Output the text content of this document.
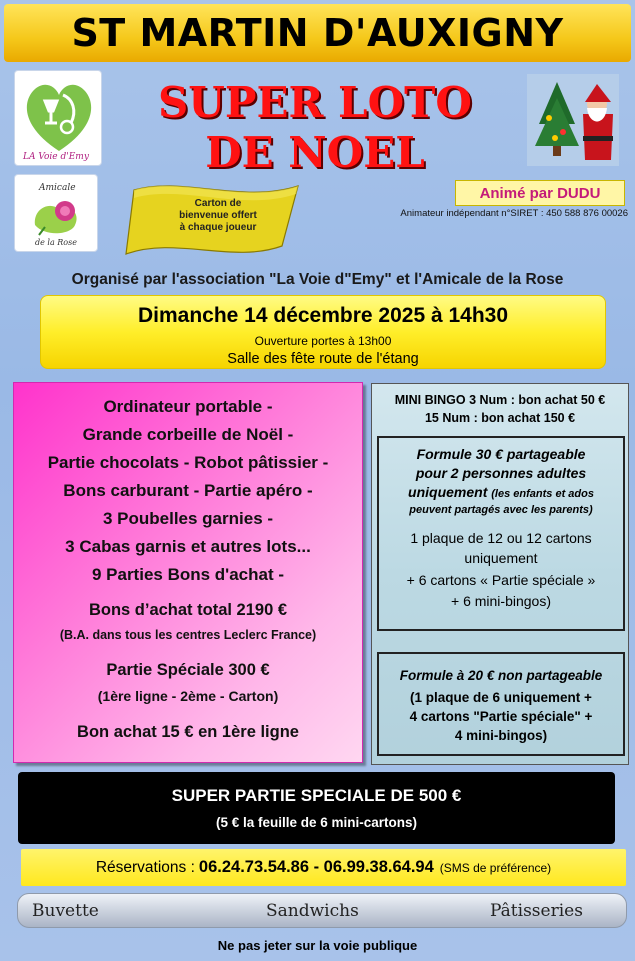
ST MARTIN D'AUXIGNY
LA Voie d'Emy
Amicale
de la Rose
SUPER LOTO
DE NOEL
Carton de
bienvenue offert
à chaque joueur
Animé par DUDU
Animateur indépendant n°SIRET : 450 588 876 00026
Organisé par l'association "La Voie d"Emy" et l'Amicale de la Rose
Dimanche 14 décembre 2025 à 14h30
Ouverture portes à 13h00
Salle des fête route de l'étang
Ordinateur portable -
Grande corbeille de Noël -
Partie chocolats - Robot pâtissier -
Bons carburant - Partie apéro -
3 Poubelles garnies -
3 Cabas garnis et autres lots...
9 Parties Bons d'achat -
Bons d’achat total 2190 €
(B.A. dans tous les centres Leclerc France)
Partie Spéciale 300 €
(1ère ligne - 2ème - Carton)
Bon achat 15 € en 1ère ligne
MINI BINGO 3 Num : bon achat 50 €
15 Num : bon achat 150 €
Formule 30 € partageable
pour 2 personnes adultes
uniquement (les enfants et ados
peuvent partagés avec les parents)
1 plaque de 12 ou 12 cartons
uniquement
+ 6 cartons « Partie spéciale »
+ 6 mini-bingos)
Formule à 20 € non partageable
(1 plaque de 6 uniquement +
4 cartons "Partie spéciale" +
4 mini-bingos)
SUPER PARTIE SPECIALE DE 500 €
(5 € la feuille de 6 mini-cartons)
Réservations : 06.24.73.54.86 - 06.99.38.64.94 (SMS de préférence)
Buvette	Sandwichs	Pâtisseries
Ne pas jeter sur la voie publique
